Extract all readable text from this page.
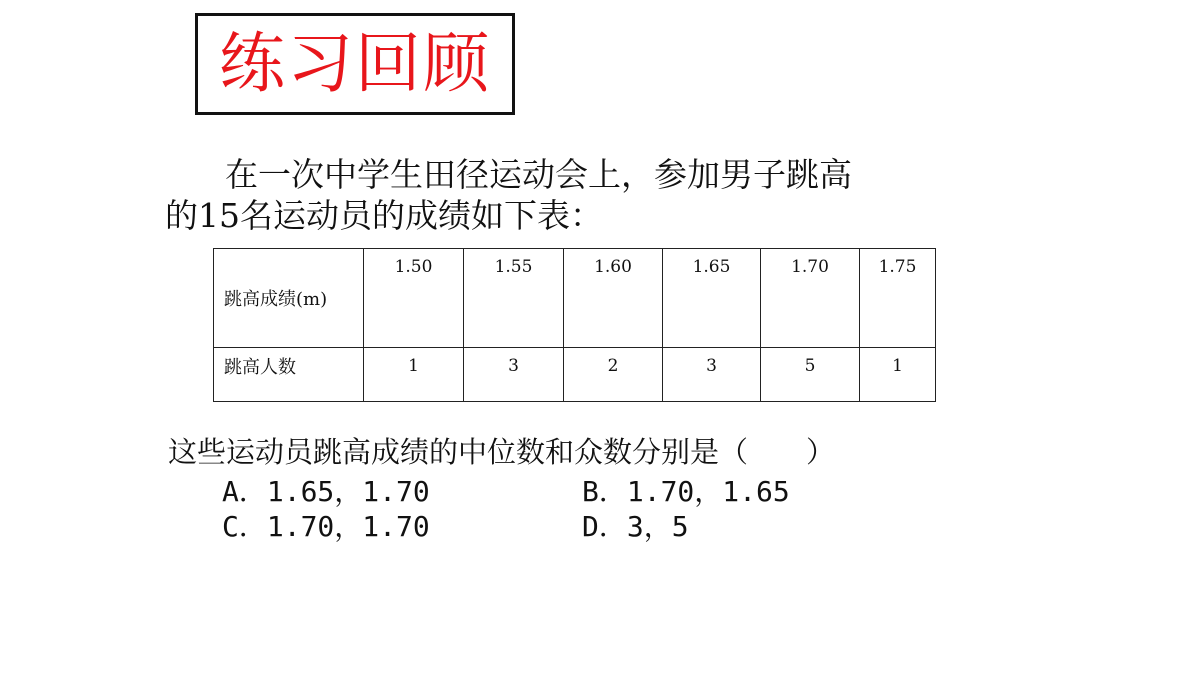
练习回顾
在一次中学生田径运动会上，参加男子跳高
的15名运动员的成绩如下表：
跳高成绩(m)	1.50	1.55	1.60	1.65	1.70	1.75
跳高人数	1	3	2	3	5	1
这些运动员跳高成绩的中位数和众数分别是（　　）
A．1.65，1.70	B．1.70，1.65
C．1.70，1.70	D．3，5
